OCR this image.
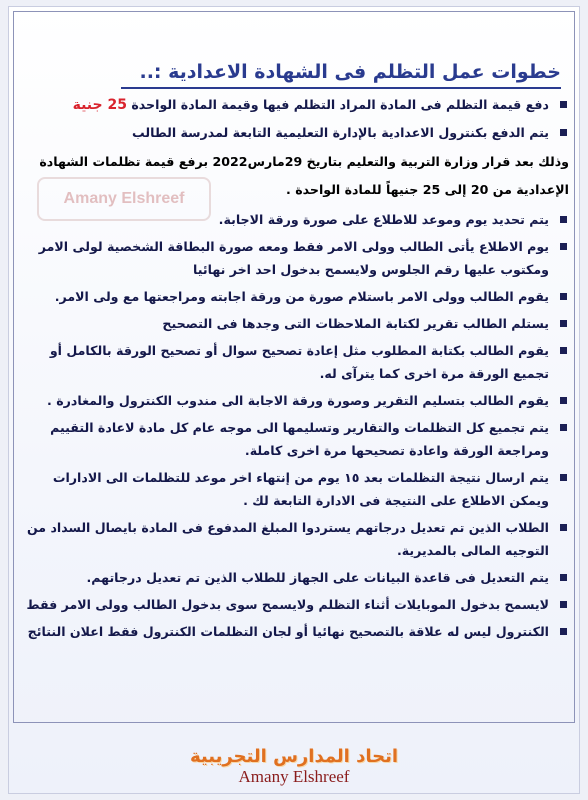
Amany Elshreef
خطوات عمل التظلم فى الشهادة الاعدادية :..
دفع قيمة التظلم فى المادة المراد التظلم فيها وقيمة المادة الواحدة 25 جنية
يتم الدفع بكنترول الاعدادية بالإدارة التعليمية التابعة لمدرسة الطالب
وذلك بعد قرار وزارة التربية والتعليم بتاريخ 29مارس2022 برفع قيمة تظلمات الشهادة الإعدادية من 20 إلى 25 جنيهاً للمادة الواحدة .
يتم تحديد يوم وموعد للاطلاع على صورة ورقة الاجابة.
يوم الاطلاع يأتى الطالب وولى الامر فقط ومعه صورة البطاقة الشخصية لولى الامر ومكتوب عليها رقم الجلوس ولايسمح بدخول احد اخر نهائيا
يقوم الطالب وولى الامر باستلام صورة من ورقة اجابته ومراجعتها مع ولى الامر.
يستلم الطالب تقرير لكتابة الملاحظات التى وجدها فى التصحيح
يقوم الطالب بكتابة المطلوب مثل إعادة تصحيح سوال أو تصحيح الورقة بالكامل أو تجميع الورقة مرة اخرى كما يترآى له.
يقوم الطالب بتسليم التقرير وصورة ورقة الاجابة الى مندوب الكنترول والمغادرة .
يتم تجميع كل التظلمات والتقارير وتسليمها الى موجه عام كل مادة لاعادة التقييم ومراجعة الورقة واعادة تصحيحها مرة اخرى كاملة.
يتم ارسال نتيجة التظلمات بعد ١٥ يوم من إنتهاء اخر موعد للتظلمات الى الادارات ويمكن الاطلاع على النتيجة فى الادارة التابعة لك .
الطلاب الذين تم تعديل درجاتهم يستردوا المبلغ المدفوع فى المادة بايصال السداد من التوجيه المالى بالمديرية.
يتم التعديل فى قاعدة البيانات على الجهاز للطلاب الذين تم تعديل درجاتهم.
لايسمح بدخول الموبايلات أثناء التظلم ولايسمح سوى بدخول الطالب وولى الامر فقط
الكنترول ليس له علاقة بالتصحيح نهائيا أو لجان التظلمات الكنترول فقط اعلان النتائج
اتحاد المدارس التجريبية
Amany Elshreef
